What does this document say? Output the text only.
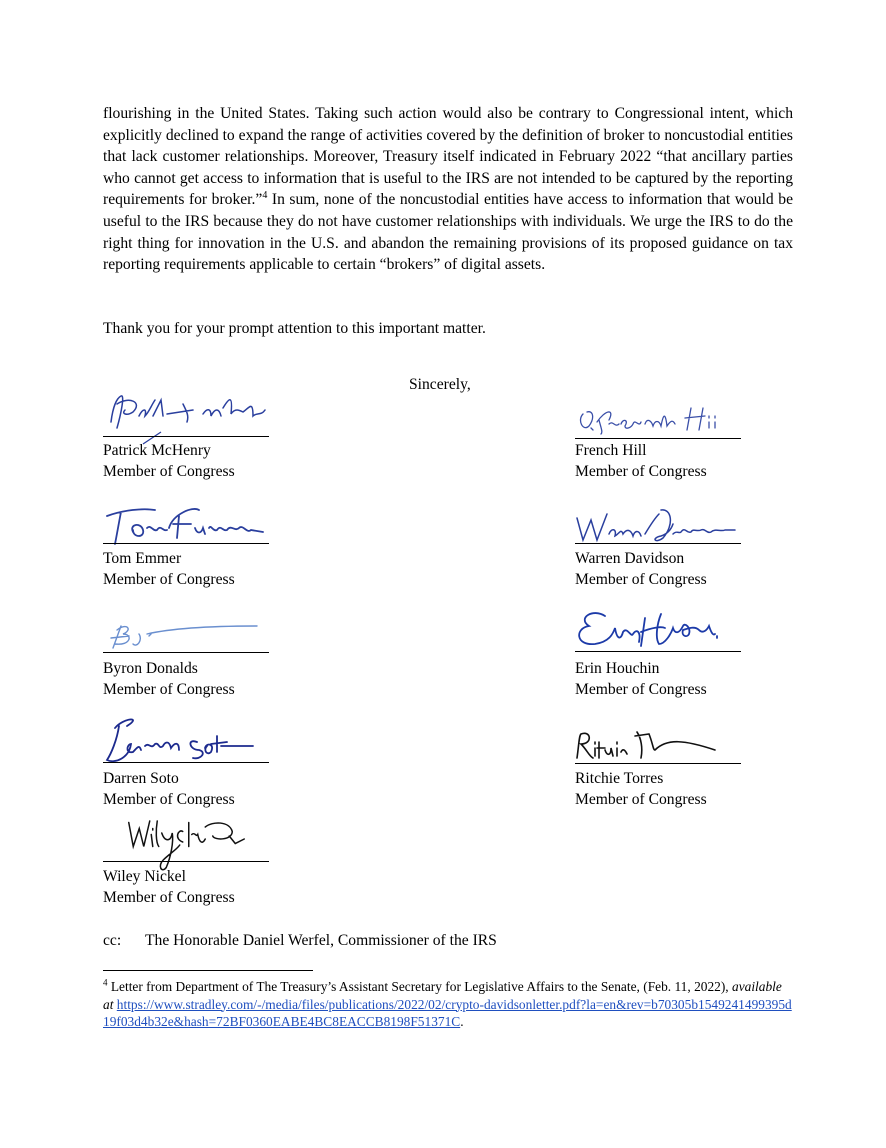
flourishing in the United States. Taking such action would also be contrary to Congressional intent, which explicitly declined to expand the range of activities covered by the definition of broker to noncustodial entities that lack customer relationships. Moreover, Treasury itself indicated in February 2022 “that ancillary parties who cannot get access to information that is useful to the IRS are not intended to be captured by the reporting requirements for broker.”$^4$ In sum, none of the noncustodial entities have access to information that would be useful to the IRS because they do not have customer relationships with individuals. We urge the IRS to do the right thing for innovation in the U.S. and abandon the remaining provisions of its proposed guidance on tax reporting requirements applicable to certain “brokers” of digital assets.

Thank you for your prompt attention to this important matter.

Sincerely,

Patrick McHenry

Member of Congress

Tom Emmer

Member of Congress

Byron Donalds

Member of Congress

Darren Soto

Member of Congress

Wiley Nickel

Member of Congress

French Hill

Member of Congress

Warren Davidson

Member of Congress

Erin Houchin

Member of Congress

Ritchie Torres

Member of Congress

cc: The Honorable Daniel Werfel, Commissioner of the IRS

$^4$ Letter from Department of The Treasury’s Assistant Secretary for Legislative Affairs to the Senate, (Feb. 11, 2022), available at https://www.stradley.com/-/media/files/publications/2022/02/crypto-davidsonletter.pdf?la=en&rev=b70305b1549241499395d19f03d4b32e&hash=72BF0360EABE4BC8EACCB8198F51371C.
